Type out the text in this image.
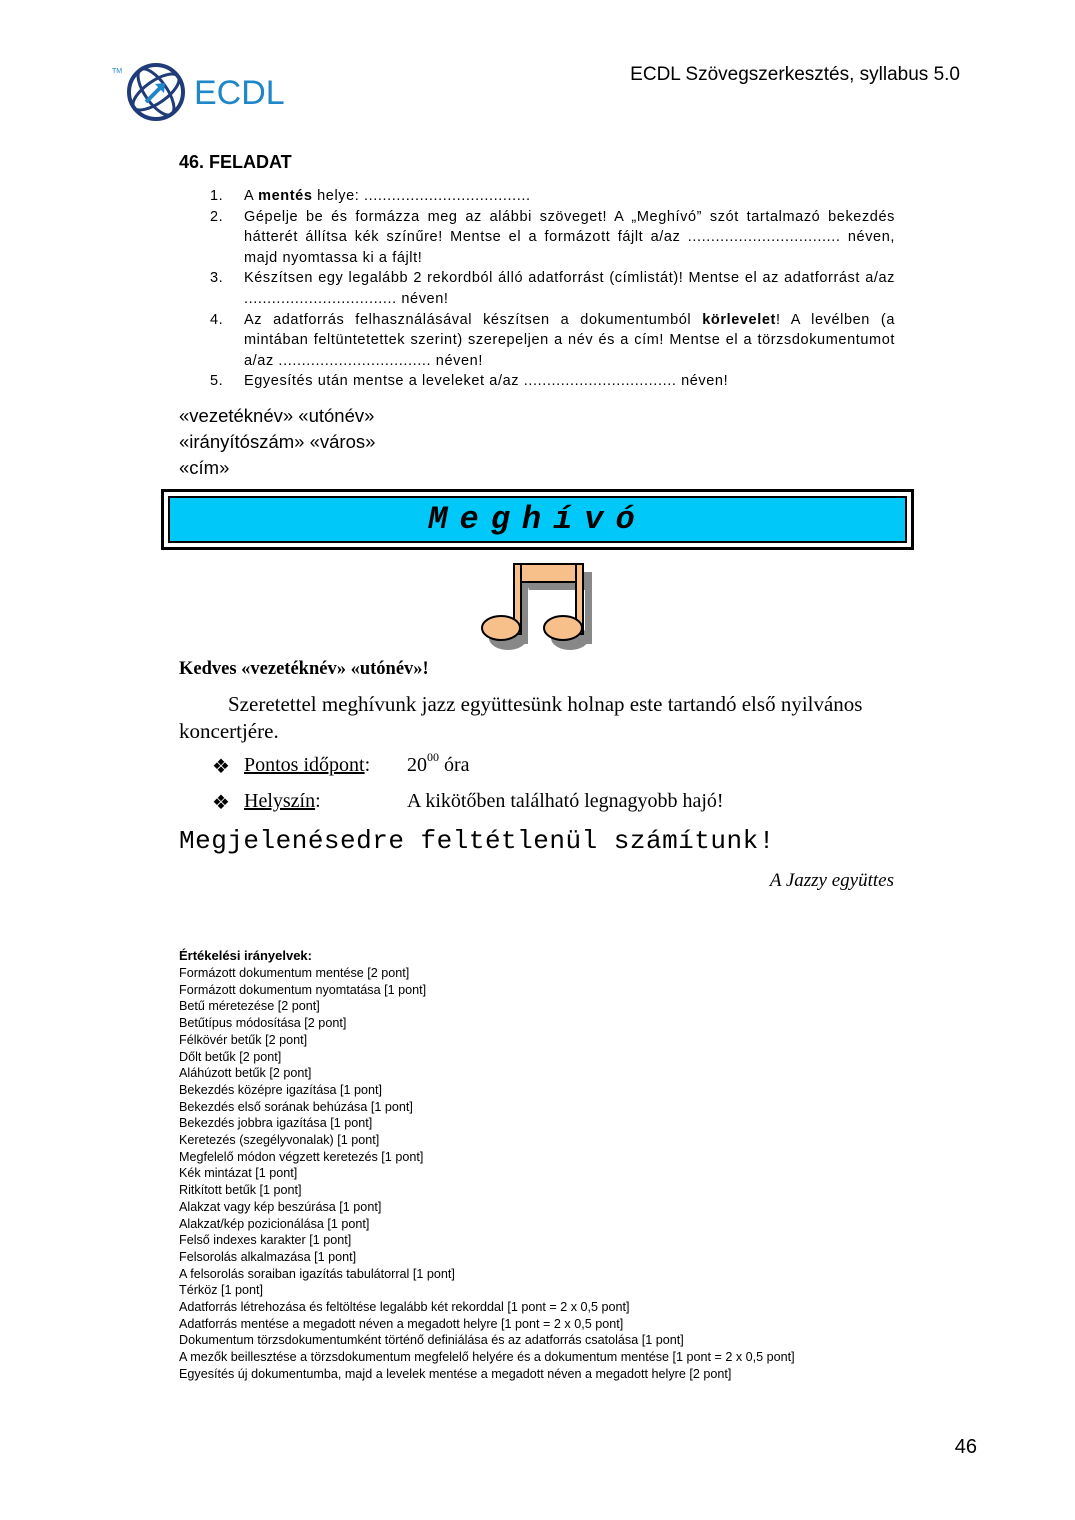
TM
ECDL	ECDL Szövegszerkesztés, syllabus 5.0
46. FELADAT
1. A mentés helye: ....................................
2. Gépelje be és formázza meg az alábbi szöveget! A „Meghívó” szót tartalmazó bekezdés hátterét állítsa kék színűre! Mentse el a formázott fájlt a/az ................................. néven, majd nyomtassa ki a fájlt!
3. Készítsen egy legalább 2 rekordból álló adatforrást (címlistát)! Mentse el az adatforrást a/az ................................. néven!
4. Az adatforrás felhasználásával készítsen a dokumentumból körlevelet! A levélben (a mintában feltüntetettek szerint) szerepeljen a név és a cím! Mentse el a törzsdokumentumot a/az ................................. néven!
5. Egyesítés után mentse a leveleket a/az ................................. néven!
«vezetéknév» «utónév»
«irányítószám» «város»
«cím»
Meghívó
Kedves «vezetéknév» «utónév»!
Szeretettel meghívunk jazz együttesünk holnap este tartandó első nyilvános koncertjére.
❖ Pontos időpont: $20^{00}$ óra
❖ Helyszín:	A kikötőben található legnagyobb hajó!
Megjelenésedre feltétlenül számítunk!
A Jazzy együttes
Értékelési irányelvek:
Formázott dokumentum mentése [2 pont]
Formázott dokumentum nyomtatása [1 pont]
Betű méretezése [2 pont]
Betűtípus módosítása [2 pont]
Félkövér betűk [2 pont]
Dőlt betűk [2 pont]
Aláhúzott betűk [2 pont]
Bekezdés középre igazítása [1 pont]
Bekezdés első sorának behúzása [1 pont]
Bekezdés jobbra igazítása [1 pont]
Keretezés (szegélyvonalak) [1 pont]
Megfelelő módon végzett keretezés [1 pont]
Kék mintázat [1 pont]
Ritkított betűk [1 pont]
Alakzat vagy kép beszúrása [1 pont]
Alakzat/kép pozicionálása [1 pont]
Felső indexes karakter [1 pont]
Felsorolás alkalmazása [1 pont]
A felsorolás soraiban igazítás tabulátorral [1 pont]
Térköz [1 pont]
Adatforrás létrehozása és feltöltése legalább két rekorddal [1 pont = 2 x 0,5 pont]
Adatforrás mentése a megadott néven a megadott helyre [1 pont = 2 x 0,5 pont]
Dokumentum törzsdokumentumként történő definiálása és az adatforrás csatolása [1 pont]
A mezők beillesztése a törzsdokumentum megfelelő helyére és a dokumentum mentése [1 pont = 2 x 0,5 pont]
Egyesítés új dokumentumba, majd a levelek mentése a megadott néven a megadott helyre [2 pont]
46
